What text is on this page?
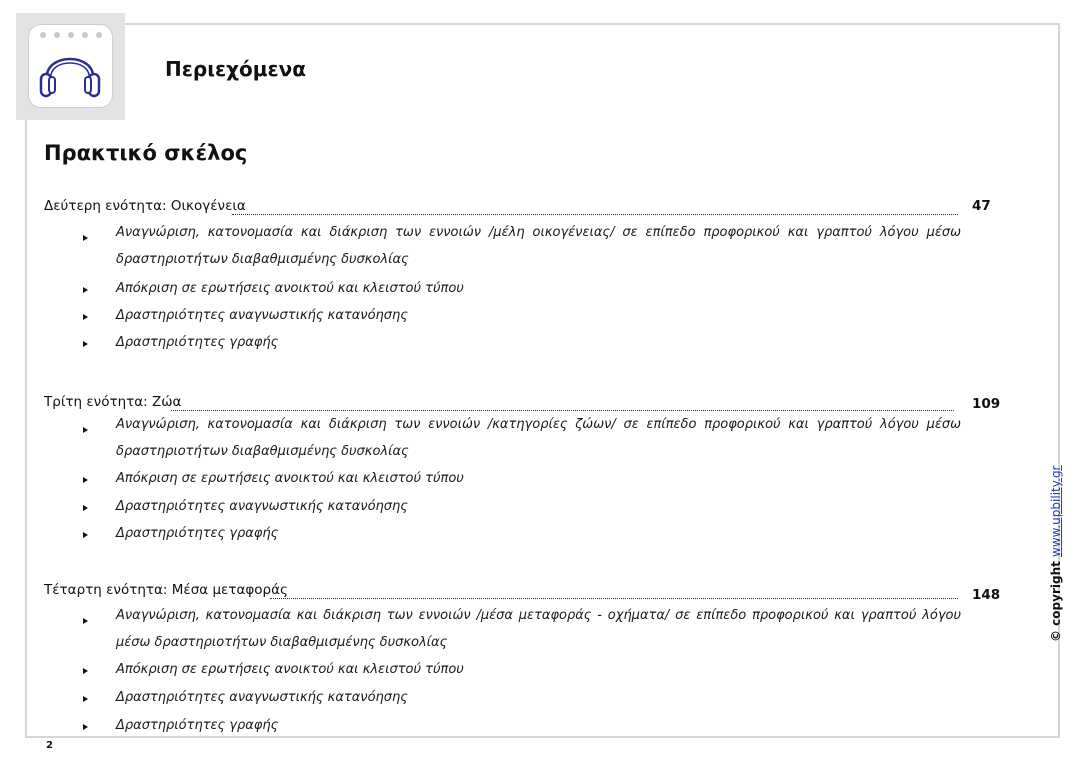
Περιεχόμενα
Πρακτικό σκέλος
Δεύτερη ενότητα: Οικογένεια	47
Αναγνώριση, κατονομασία και διάκριση των εννοιών /μέλη οικογένειας/ σε επίπεδο προφορικού και γραπτού λόγου μέσω δραστηριοτήτων διαβαθμισμένης δυσκολίας
Απόκριση σε ερωτήσεις ανοικτού και κλειστού τύπου
Δραστηριότητες αναγνωστικής κατανόησης
Δραστηριότητες γραφής
Τρίτη ενότητα: Ζώα	109
Αναγνώριση, κατονομασία και διάκριση των εννοιών /κατηγορίες ζώων/ σε επίπεδο προφορικού και γραπτού λόγου μέσω δραστηριοτήτων διαβαθμισμένης δυσκολίας
Απόκριση σε ερωτήσεις ανοικτού και κλειστού τύπου
Δραστηριότητες αναγνωστικής κατανόησης
Δραστηριότητες γραφής
Τέταρτη ενότητα: Μέσα μεταφοράς	148
Αναγνώριση, κατονομασία και διάκριση των εννοιών /μέσα μεταφοράς - οχήματα/ σε επίπεδο προφορικού και γραπτού λόγου μέσω δραστηριοτήτων διαβαθμισμένης δυσκολίας
Απόκριση σε ερωτήσεις ανοικτού και κλειστού τύπου
Δραστηριότητες αναγνωστικής κατανόησης
Δραστηριότητες γραφής
© copyright www.upbility.gr
2
